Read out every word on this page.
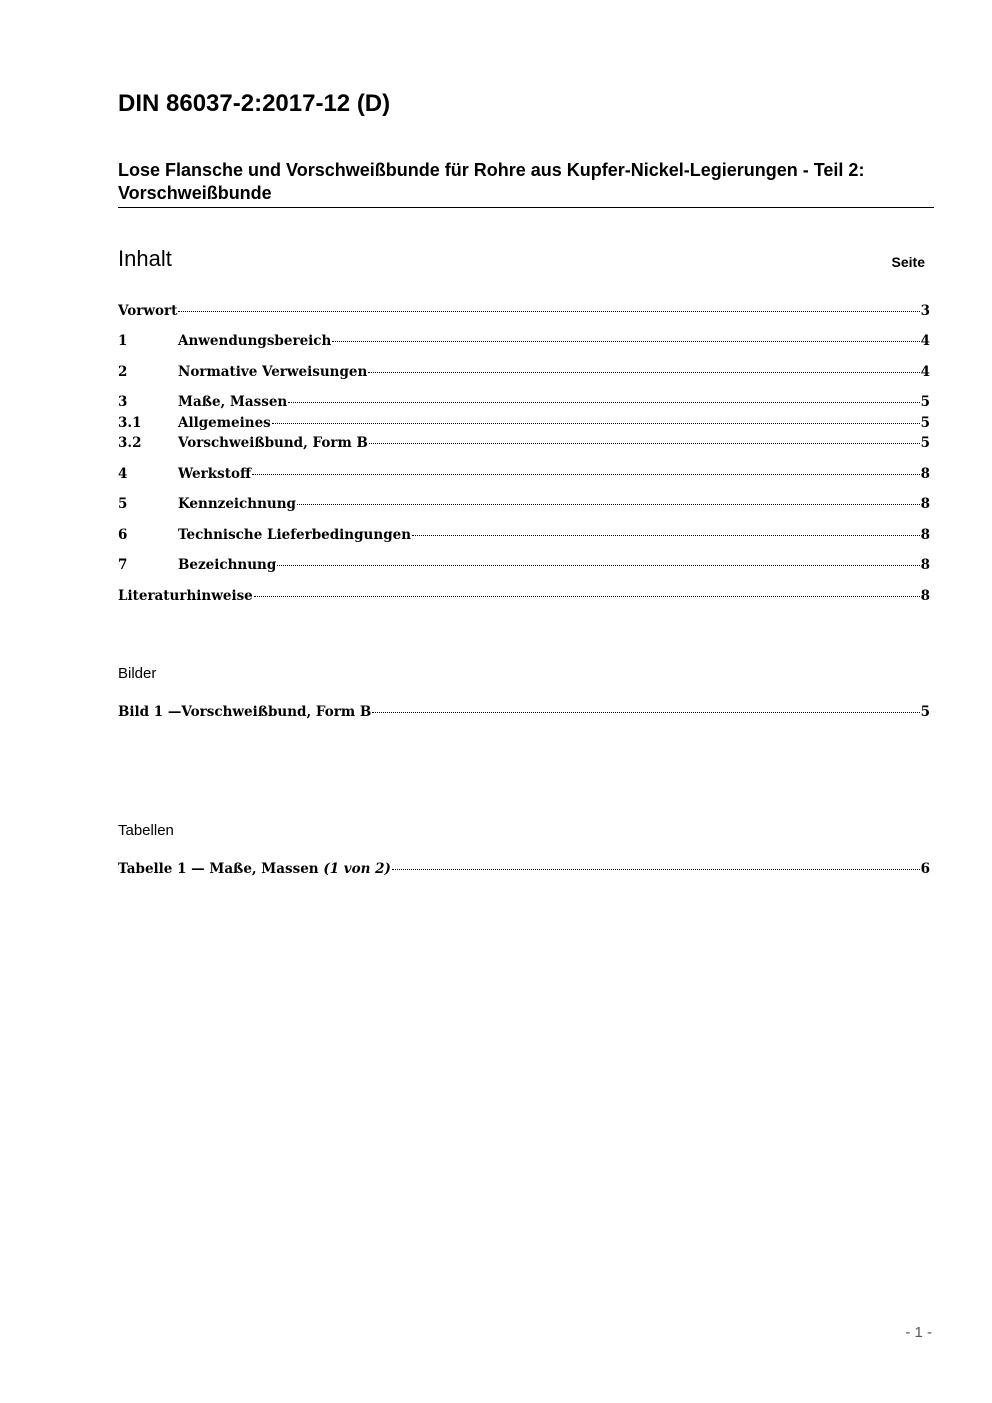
DIN 86037-2:2017-12 (D)
Lose Flansche und Vorschweißbunde für Rohre aus Kupfer-Nickel-Legierungen - Teil 2: Vorschweißbunde
Inhalt	Seite
Vorwort	3
1	Anwendungsbereich	4
2	Normative Verweisungen	4
3	Maße, Massen	5
3.1	Allgemeines	5
3.2	Vorschweißbund, Form B	5
4	Werkstoff	8
5	Kennzeichnung	8
6	Technische Lieferbedingungen	8
7	Bezeichnung	8
Literaturhinweise	8
Bilder
Bild 1 —Vorschweißbund, Form B	5
Tabellen
Tabelle 1 — Maße, Massen (1 von 2)	6
- 1 -
